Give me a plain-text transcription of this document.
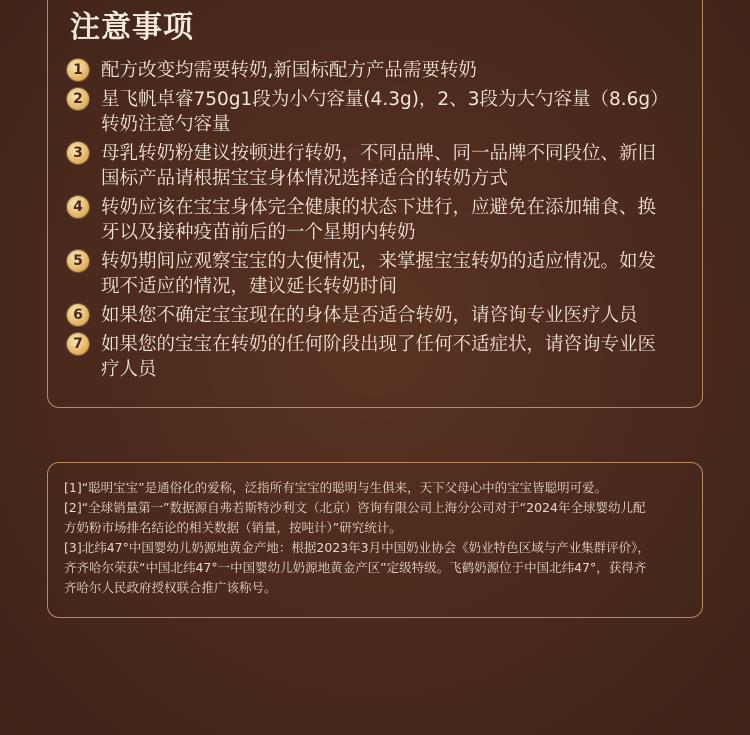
注意事项
1 配方改变均需要转奶,新国标配方产品需要转奶
2 星飞帆卓睿750g1段为小勺容量(4.3g)，2、3段为大勺容量（8.6g）
转奶注意勺容量
3 母乳转奶粉建议按顿进行转奶，不同品牌、同一品牌不同段位、新旧
国标产品请根据宝宝身体情况选择适合的转奶方式
4 转奶应该在宝宝身体完全健康的状态下进行，应避免在添加辅食、换
牙以及接种疫苗前后的一个星期内转奶
5 转奶期间应观察宝宝的大便情况，来掌握宝宝转奶的适应情况。如发
现不适应的情况，建议延长转奶时间
6 如果您不确定宝宝现在的身体是否适合转奶，请咨询专业医疗人员
7 如果您的宝宝在转奶的任何阶段出现了任何不适症状，请咨询专业医
疗人员

[1]“聪明宝宝”是通俗化的爱称，泛指所有宝宝的聪明与生俱来，天下父母心中的宝宝皆聪明可爱。

[2]“全球销量第一”数据源自弗若斯特沙利文（北京）咨询有限公司上海分公司对于“2024年全球婴幼儿配
方奶粉市场排名结论的相关数据（销量，按吨计）”研究统计。

[3]北纬47°中国婴幼儿奶源地黄金产地：根据2023年3月中国奶业协会《奶业特色区域与产业集群评价》，
齐齐哈尔荣获“中国北纬47°一中国婴幼儿奶源地黄金产区”定级特级。飞鹤奶源位于中国北纬47°，获得齐
齐哈尔人民政府授权联合推广该称号。
